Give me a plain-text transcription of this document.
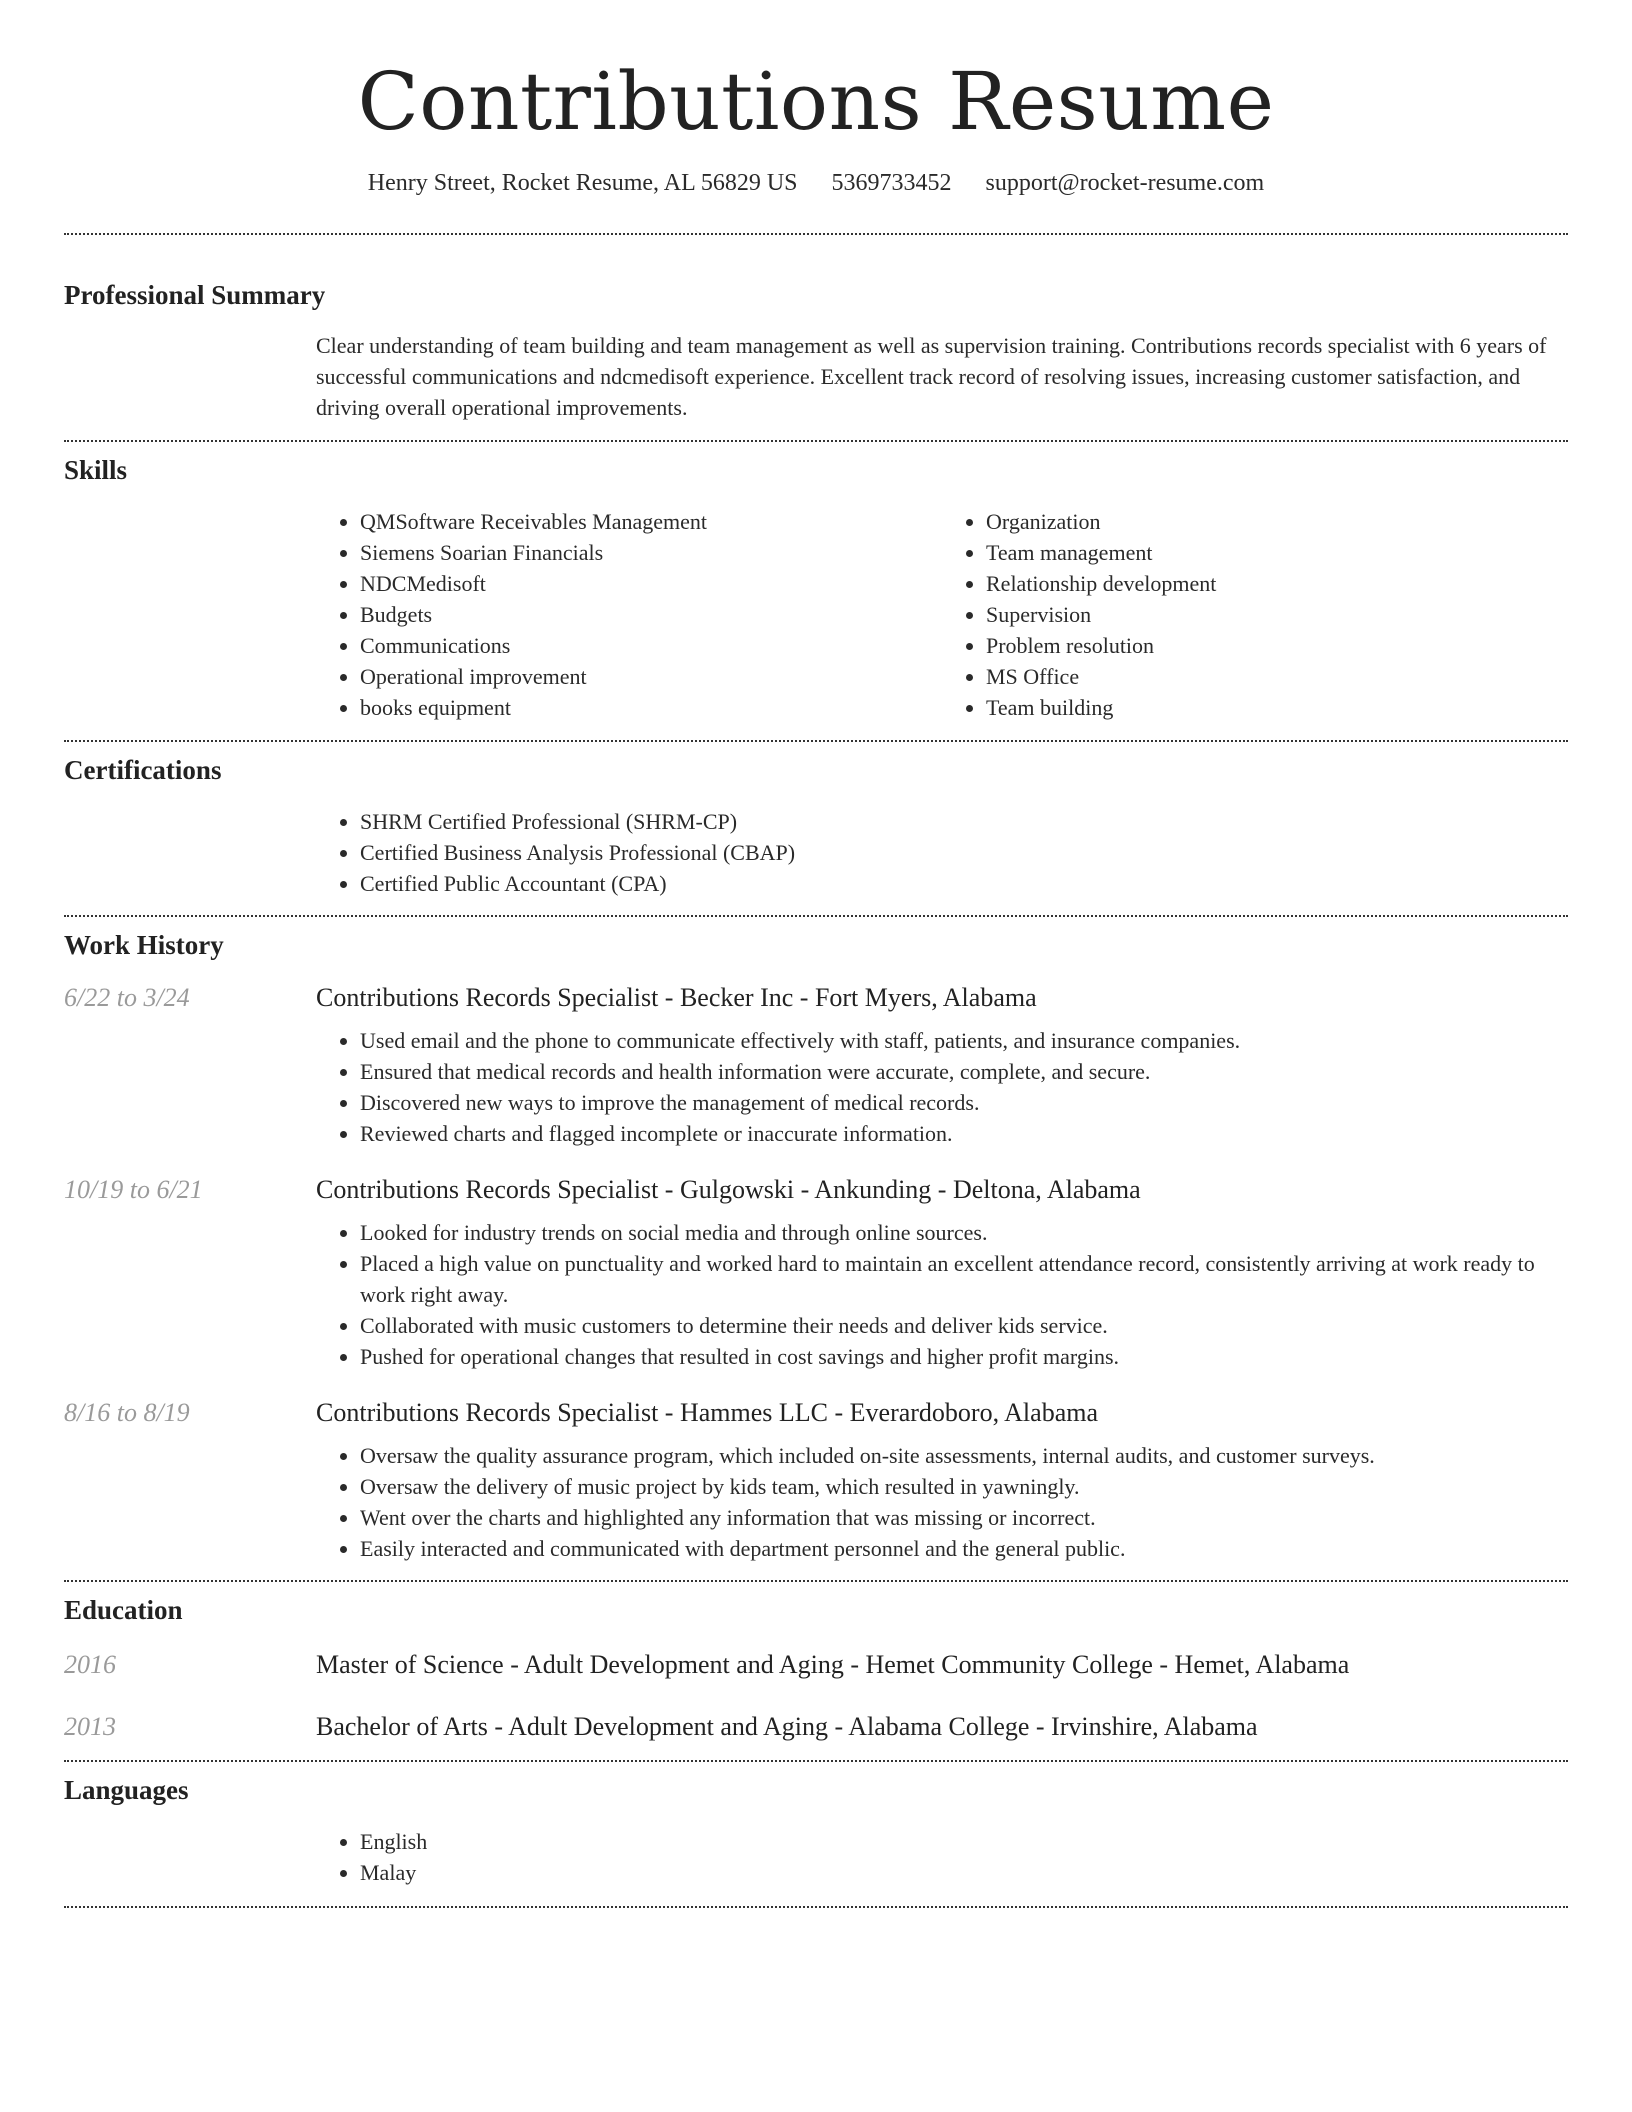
Contributions Resume
Henry Street, Rocket Resume, AL 56829 US 5369733452 support@rocket-resume.com
Professional Summary
Clear understanding of team building and team management as well as supervision training. Contributions records specialist with 6 years of successful communications and ndcmedisoft experience. Excellent track record of resolving issues, increasing customer satisfaction, and driving overall operational improvements.
Skills
• QMSoftware Receivables Management
• Siemens Soarian Financials
• NDCMedisoft
• Budgets
• Communications
• Operational improvement
• books equipment
• Organization
• Team management
• Relationship development
• Supervision
• Problem resolution
• MS Office
• Team building
Certifications
• SHRM Certified Professional (SHRM-CP)
• Certified Business Analysis Professional (CBAP)
• Certified Public Accountant (CPA)
Work History
6/22 to 3/24	Contributions Records Specialist - Becker Inc - Fort Myers, Alabama
• Used email and the phone to communicate effectively with staff, patients, and insurance companies.
• Ensured that medical records and health information were accurate, complete, and secure.
• Discovered new ways to improve the management of medical records.
• Reviewed charts and flagged incomplete or inaccurate information.
10/19 to 6/21	Contributions Records Specialist - Gulgowski - Ankunding - Deltona, Alabama
• Looked for industry trends on social media and through online sources.
• Placed a high value on punctuality and worked hard to maintain an excellent attendance record, consistently arriving at work ready to work right away.
• Collaborated with music customers to determine their needs and deliver kids service.
• Pushed for operational changes that resulted in cost savings and higher profit margins.
8/16 to 8/19	Contributions Records Specialist - Hammes LLC - Everardoboro, Alabama
• Oversaw the quality assurance program, which included on-site assessments, internal audits, and customer surveys.
• Oversaw the delivery of music project by kids team, which resulted in yawningly.
• Went over the charts and highlighted any information that was missing or incorrect.
• Easily interacted and communicated with department personnel and the general public.
Education
2016	Master of Science - Adult Development and Aging - Hemet Community College - Hemet, Alabama
2013	Bachelor of Arts - Adult Development and Aging - Alabama College - Irvinshire, Alabama
Languages
• English
• Malay
